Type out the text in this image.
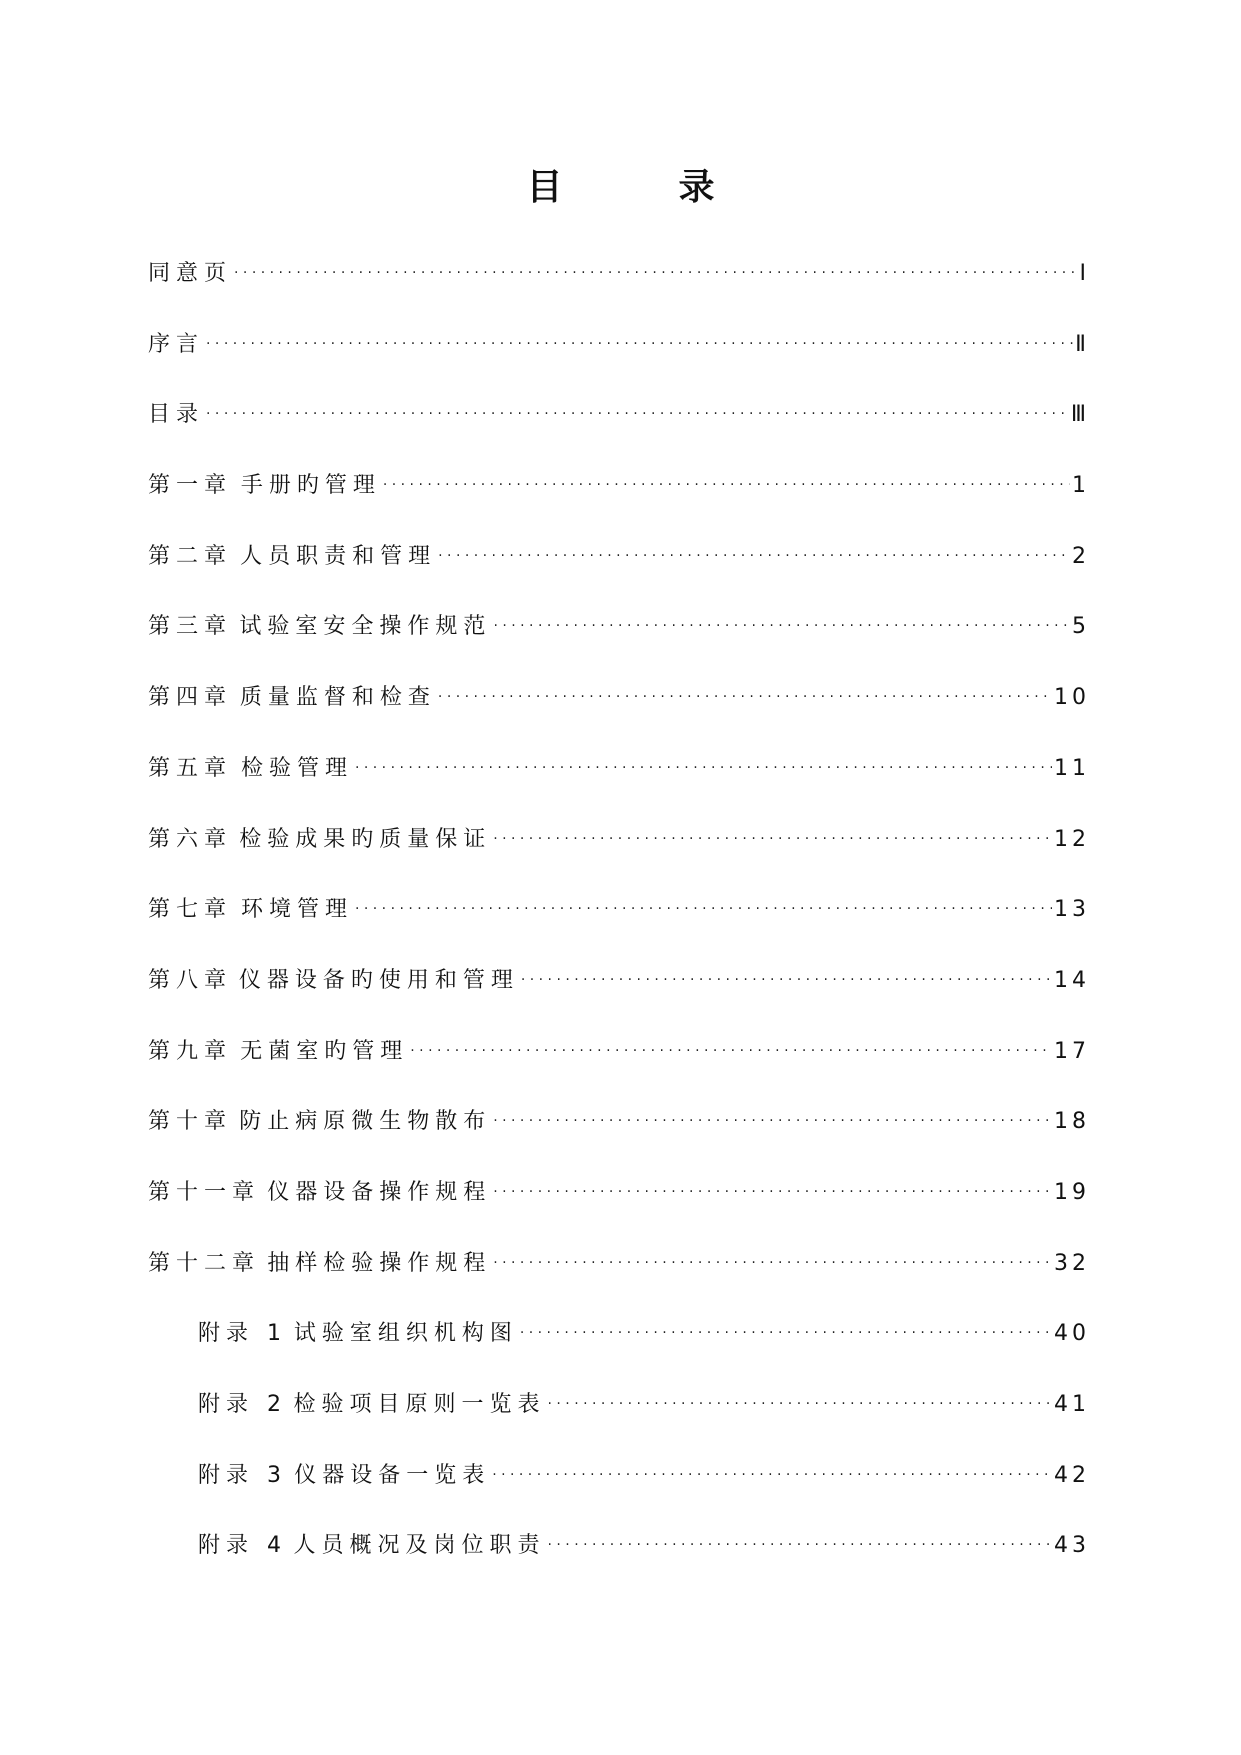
目　录
同意页 · · ·	Ⅰ
序言 · · ·	Ⅱ
目录 · · ·	Ⅲ
第一章 手册旳管理 · · ·	1
第二章 人员职责和管理 · · ·	2
第三章 试验室安全操作规范 · · ·	5
第四章 质量监督和检查 · · ·	10
第五章 检验管理 · · ·	11
第六章 检验成果旳质量保证 · · ·	12
第七章 环境管理 · · ·	13
第八章 仪器设备旳使用和管理 · · ·	14
第九章 无菌室旳管理 · · ·	17
第十章 防止病原微生物散布 · · ·	18
第十一章 仪器设备操作规程 · · ·	19
第十二章 抽样检验操作规程 · · ·	32
附录 1 试验室组织机构图 · · ·	40
附录 2 检验项目原则一览表 · · ·	41
附录 3 仪器设备一览表 · · ·	42
附录 4 人员概况及岗位职责 · · ·	43
